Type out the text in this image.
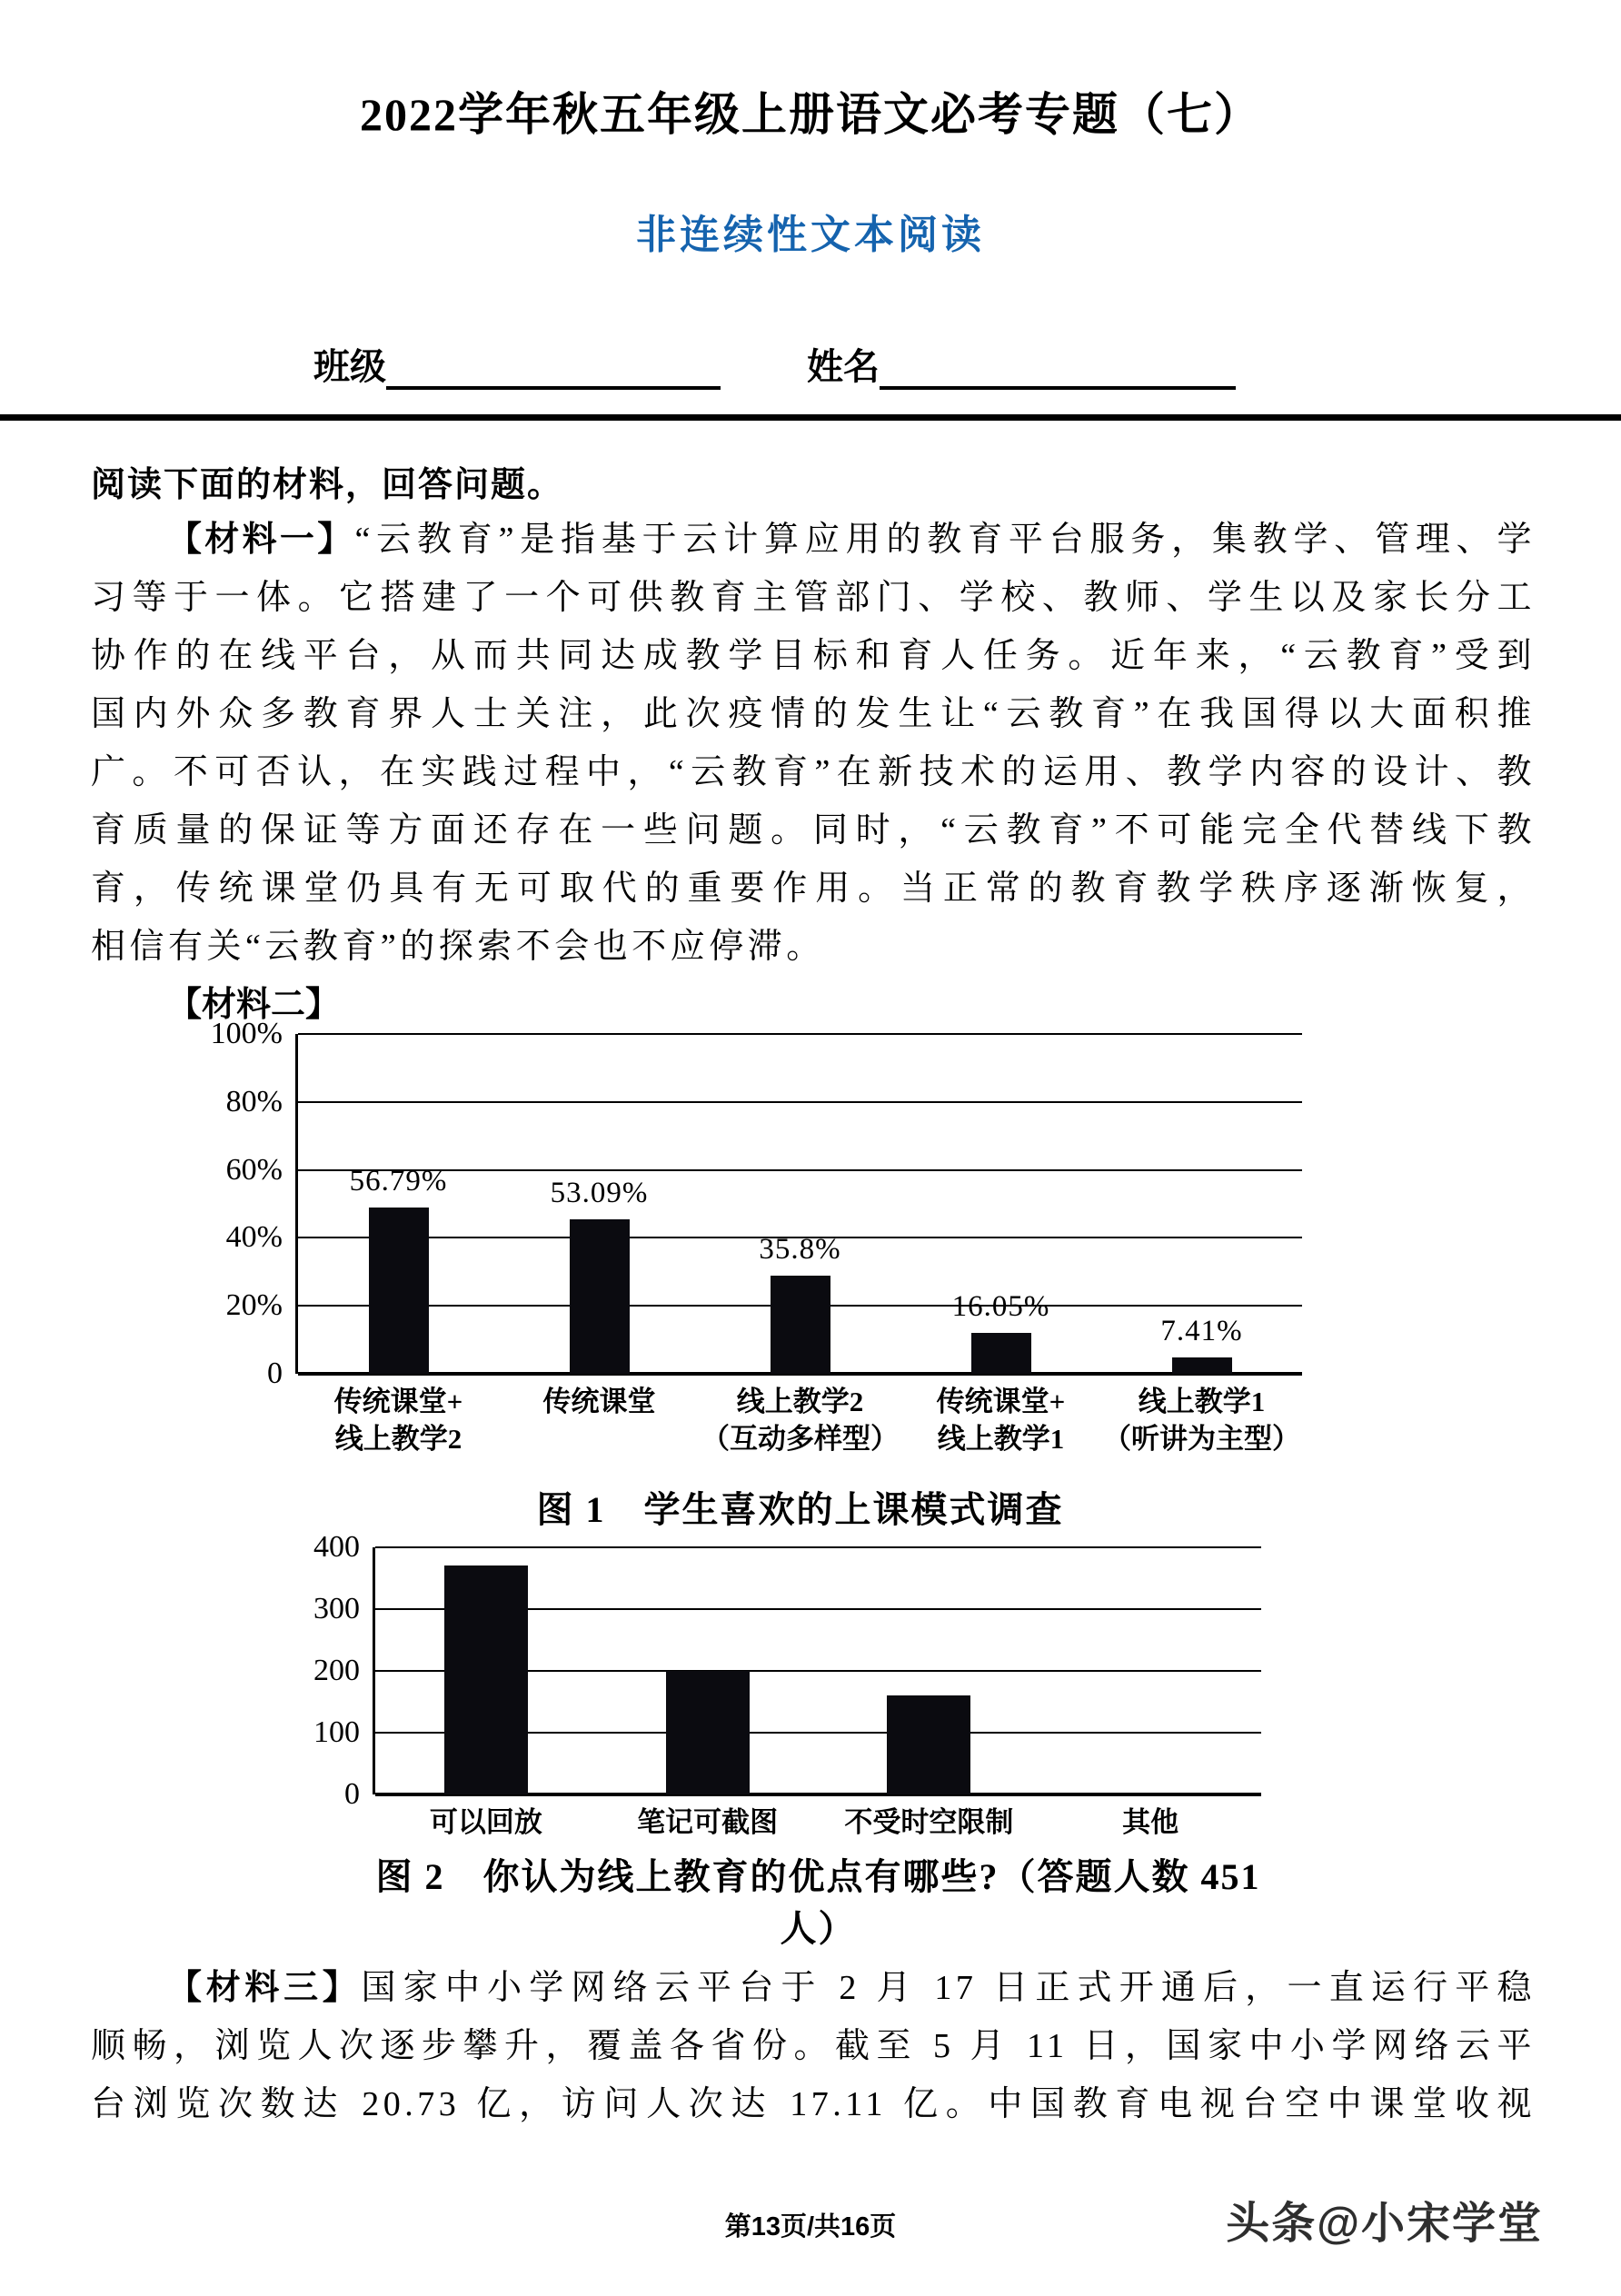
2022学年秋五年级上册语文必考专题（七）
非连续性文本阅读
班级	姓名
阅读下面的材料，回答问题。
【材料一】“云教育”是指基于云计算应用的教育平台服务，集教学、管理、学
习等于一体。它搭建了一个可供教育主管部门、学校、教师、学生以及家长分工
协作的在线平台，从而共同达成教学目标和育人任务。近年来，“云教育”受到
国内外众多教育界人士关注，此次疫情的发生让“云教育”在我国得以大面积推
广。不可否认，在实践过程中，“云教育”在新技术的运用、教学内容的设计、教
育质量的保证等方面还存在一些问题。同时，“云教育”不可能完全代替线下教
育，传统课堂仍具有无可取代的重要作用。当正常的教育教学秩序逐渐恢复，
相信有关“云教育”的探索不会也不应停滞。
【材料二】
100%
80%
60%
40%
20%
0
56.79%	53.09%
35.8%
16.05%
7.41%
传统课堂+
线上教学2
传统课堂	线上教学2
（互动多样型）
传统课堂+
线上教学1
线上教学1
（听讲为主型）
图 1　学生喜欢的上课模式调查
400
300
200
100
0
可以回放	笔记可截图	不受时空限制	其他
图 2　你认为线上教育的优点有哪些?（答题人数 451 人）
【材料三】国家中小学网络云平台于 2 月 17 日正式开通后，一直运行平稳
顺畅，浏览人次逐步攀升，覆盖各省份。截至 5 月 11 日，国家中小学网络云平
台浏览次数达 20.73 亿，访问人次达 17.11 亿。中国教育电视台空中课堂收视
第13页/共16页	头条@小宋学堂
